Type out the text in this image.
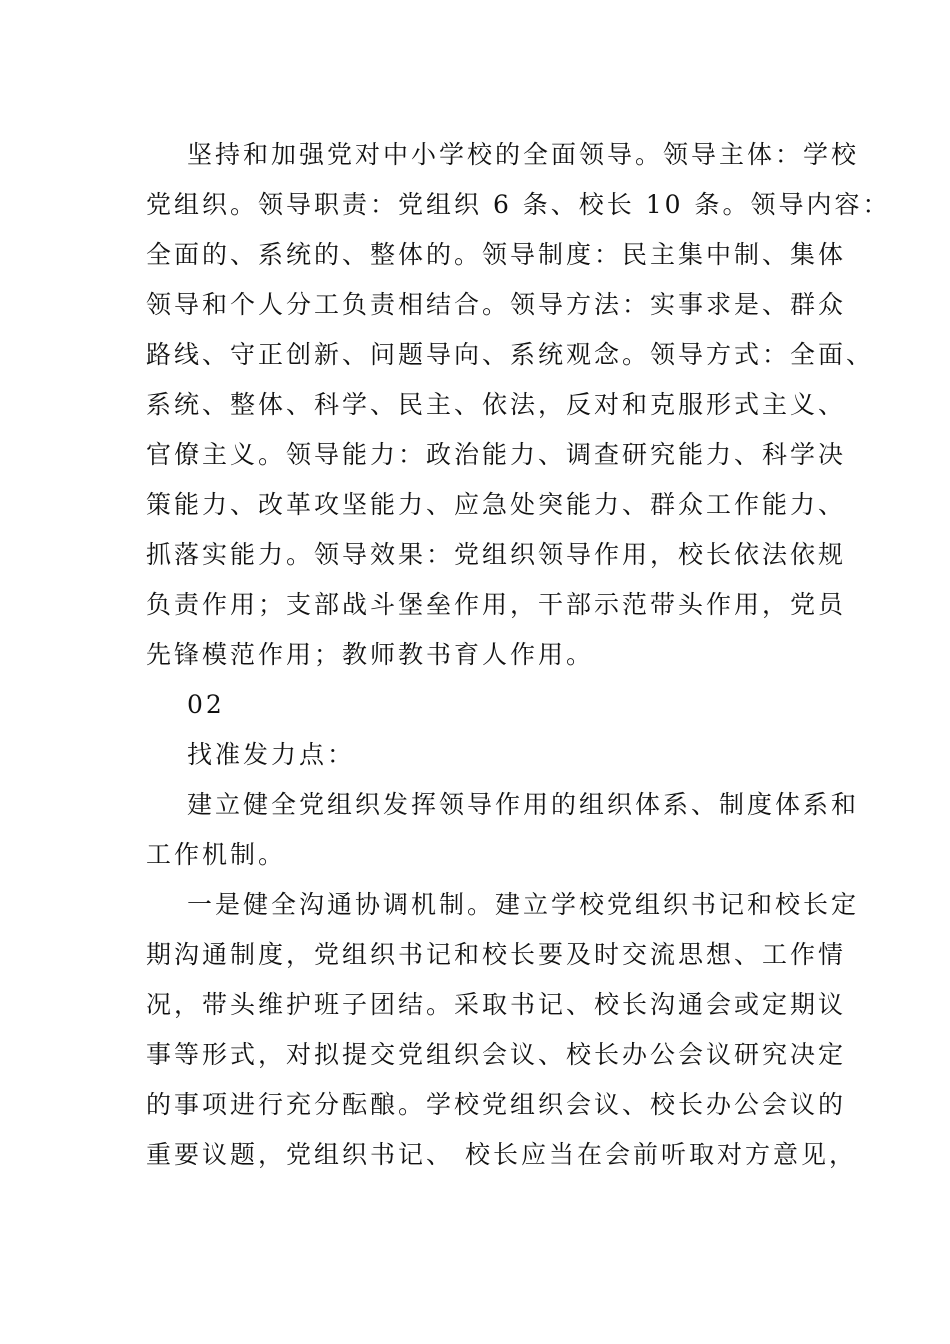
坚持和加强党对中小学校的全面领导。领导主体：学校
党组织。领导职责：党组织 6 条、校长 10 条。领导内容：
全面的、系统的、整体的。领导制度：民主集中制、集体
领导和个人分工负责相结合。领导方法：实事求是、群众
路线、守正创新、问题导向、系统观念。领导方式：全面、
系统、整体、科学、民主、依法，反对和克服形式主义、
官僚主义。领导能力：政治能力、调查研究能力、科学决
策能力、改革攻坚能力、应急处突能力、群众工作能力、
抓落实能力。领导效果：党组织领导作用，校长依法依规
负责作用；支部战斗堡垒作用，干部示范带头作用，党员
先锋模范作用；教师教书育人作用。
02
找准发力点：
建立健全党组织发挥领导作用的组织体系、制度体系和
工作机制。
一是健全沟通协调机制。建立学校党组织书记和校长定
期沟通制度，党组织书记和校长要及时交流思想、工作情
况，带头维护班子团结。采取书记、校长沟通会或定期议
事等形式，对拟提交党组织会议、校长办公会议研究决定
的事项进行充分酝酿。学校党组织会议、校长办公会议的
重要议题，党组织书记、 校长应当在会前听取对方意见，
